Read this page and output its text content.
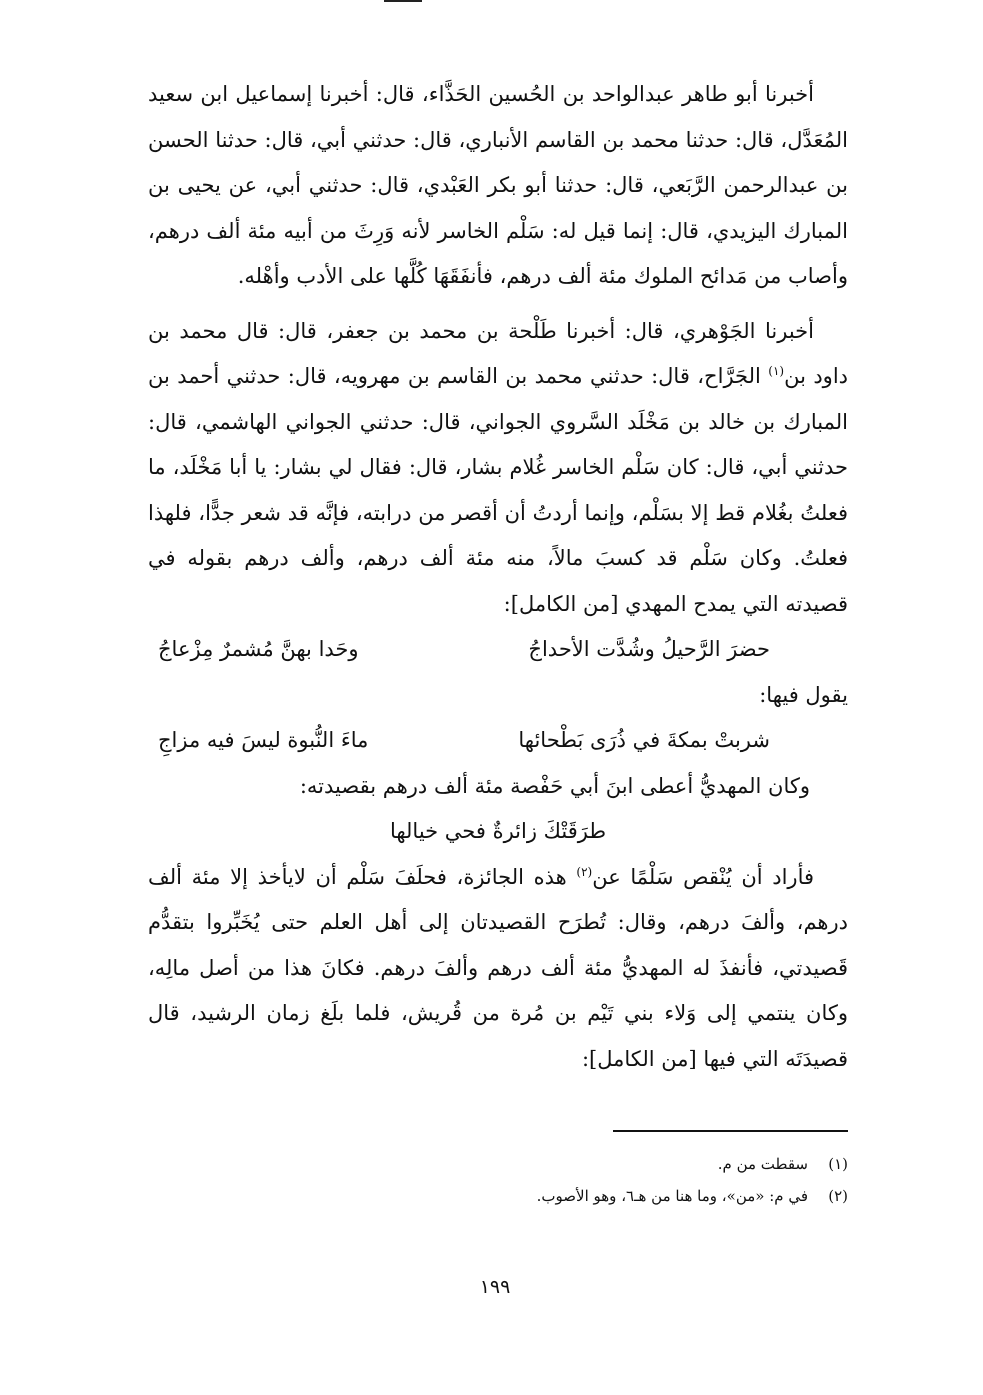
أخبرنا أبو طاهر عبدالواحد بن الحُسين الحَذَّاء، قال: أخبرنا إسماعيل ابن سعيد المُعَدَّل، قال: حدثنا محمد بن القاسم الأنباري، قال: حدثني أبي، قال: حدثنا الحسن بن عبدالرحمن الرَّبَعي، قال: حدثنا أبو بكر العَبْدي، قال: حدثني أبي، عن يحيى بن المبارك اليزيدي، قال: إنما قيل له: سَلْم الخاسر لأنه وَرِثَ من أبيه مئة ألف درهم، وأصاب من مَدائح الملوك مئة ألف درهم، فأنفَقَهَا كُلَّها على الأدب وأهْله.

أخبرنا الجَوْهري، قال: أخبرنا طَلْحة بن محمد بن جعفر، قال: قال محمد بن داود بن$^{(١)}$ الجَرَّاح، قال: حدثني محمد بن القاسم بن مهرويه، قال: حدثني أحمد بن المبارك بن خالد بن مَخْلَد السَّروي الجواني، قال: حدثني الجواني الهاشمي، قال: حدثني أبي، قال: كان سَلْم الخاسر غُلام بشار، قال: فقال لي بشار: يا أبا مَخْلَد، ما فعلتُ بغُلام قط إلا بسَلْم، وإنما أردتُ أن أقصر من درابته، فإنَّه قد شعر جدًّا، فلهذا فعلتُ. وكان سَلْم قد كسبَ مالاً، منه مئة ألف درهم، وألف درهم بقوله في قصيدته التي يمدح المهدي [من الكامل]:

حضرَ الرَّحيلُ وشُدَّت الأحداجُ
وحَدا بهنَّ مُشمرٌ مِزْعاجُ

يقول فيها:

شربتْ بمكةَ في ذُرَى بَطْحائها
ماءَ النُّبوة ليسَ فيه مزاجِ

وكان المهديُّ أعطى ابنَ أبي حَفْصة مئة ألف درهم بقصيدته:

طرَقَتْكَ زائرةٌ فحي خيالها

فأراد أن يُنْقص سَلْمًا عن$^{(٢)}$ هذه الجائزة، فحلَفَ سَلْم أن لايأخذ إلا مئة ألف درهم، وألفَ درهم، وقال: تُطرَح القصيدتان إلى أهل العلم حتى يُخَبِّروا بتقدُّم قَصيدتي، فأنفذَ له المهديُّ مئة ألف درهم وألفَ درهم. فكانَ هذا من أصل مالِه، وكان ينتمي إلى وَلاء بني تَيْم بن مُرة من قُريش، فلما بلَغ زمان الرشيد، قال قصيدَتَه التي فيها [من الكامل]:

(١)سقطت من م.

(٢)في م: «من»، وما هنا من هـ٦، وهو الأصوب.

١٩٩
